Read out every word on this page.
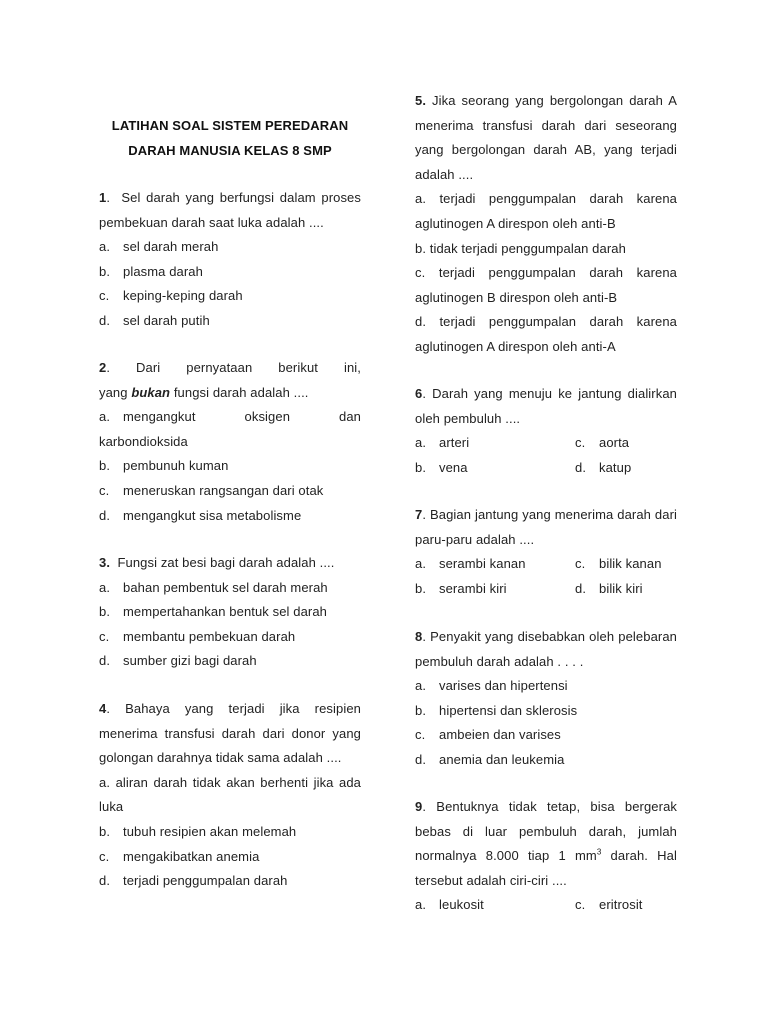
LATIHAN SOAL SISTEM PEREDARAN
DARAH MANUSIA KELAS 8 SMP
1.  Sel darah yang berfungsi dalam proses pembekuan darah saat luka adalah ....
a. sel darah merah
b. plasma darah
c. keping-keping darah
d. sel darah putih
2. Dari pernyataan berikut ini,
yang bukan fungsi darah adalah ....
a. mengangkut oksigen dan karbondioksida
b. pembunuh kuman
c. meneruskan rangsangan dari otak
d. mengangkut sisa metabolisme
3. Fungsi zat besi bagi darah adalah ....
a. bahan pembentuk sel darah merah
b. mempertahankan bentuk sel darah
c. membantu pembekuan darah
d. sumber gizi bagi darah
4. Bahaya yang terjadi jika resipien menerima transfusi darah dari donor yang golongan darahnya tidak sama adalah ....
a. aliran darah tidak akan berhenti jika ada luka
b. tubuh resipien akan melemah
c. mengakibatkan anemia
d. terjadi penggumpalan darah
5. Jika seorang yang bergolongan darah A menerima transfusi darah dari seseorang yang bergolongan darah AB, yang terjadi adalah ....
a. terjadi penggumpalan darah karena aglutinogen A direspon oleh anti-B
b. tidak terjadi penggumpalan darah
c. terjadi penggumpalan darah karena aglutinogen B direspon oleh anti-B
d. terjadi penggumpalan darah karena aglutinogen A direspon oleh anti-A
6. Darah yang menuju ke jantung dialirkan oleh pembuluh ....
a. arteri	c. aorta
b. vena	d. katup
7. Bagian jantung yang menerima darah dari paru-paru adalah ....
a. serambi kanan	c. bilik kanan
b. serambi kiri	d. bilik kiri
8. Penyakit yang disebabkan oleh pelebaran pembuluh darah adalah . . . .
a. varises dan hipertensi
b. hipertensi dan sklerosis
c. ambeien dan varises
d. anemia dan leukemia
9. Bentuknya tidak tetap, bisa bergerak bebas di luar pembuluh darah, jumlah normalnya 8.000 tiap 1 $mm^3$ darah. Hal tersebut adalah ciri-ciri ....
a. leukosit	c. eritrosit
